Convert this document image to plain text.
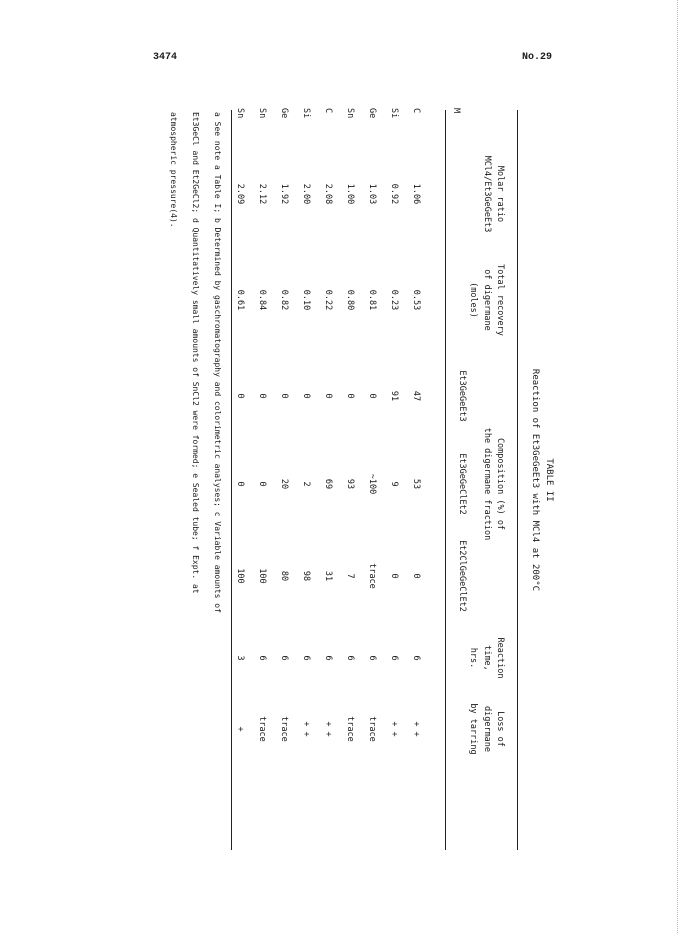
3474	No.29
TABLE II
Reaction of Et3GeGeEt3 with MCl4 at 200°C
M
Molar ratio
MCl4/Et3GeGeEt3
Total recovery
of digermane
(moles)
Composition (%) of
the digermane fraction
Et3GeGeEt3
Et3GeGeClEt2
Et2ClGeGeClEt2
Reaction
time,
hrs.
Loss of
digermane
by tarring
C
1.06
0.53
47
53
0
6
+ +
Si
0.92
0.23
91
9
0
6
+ +
Ge
1.03
0.81
0
~100
trace
6
trace
Sn
1.00
0.80
0
93
7
6
trace
C
2.08
0.22
0
69
31
6
+ +
Si
2.00
0.10
0
2
98
6
+ +
Ge
1.92
0.82
0
20
80
6
trace
Sn
2.12
0.84
0
0
100
6
trace
Sn
2.09
0.61
0
0
100
3
+
a See note a Table I; b Determined by gaschromatography and colorimetric analyses; c Variable amounts of
Et3GeCl and Et2GeCl2; d Quantitatively small amounts of SnCl2 were formed; e Sealed tube; f Expt. at
atmospheric pressure(4).
